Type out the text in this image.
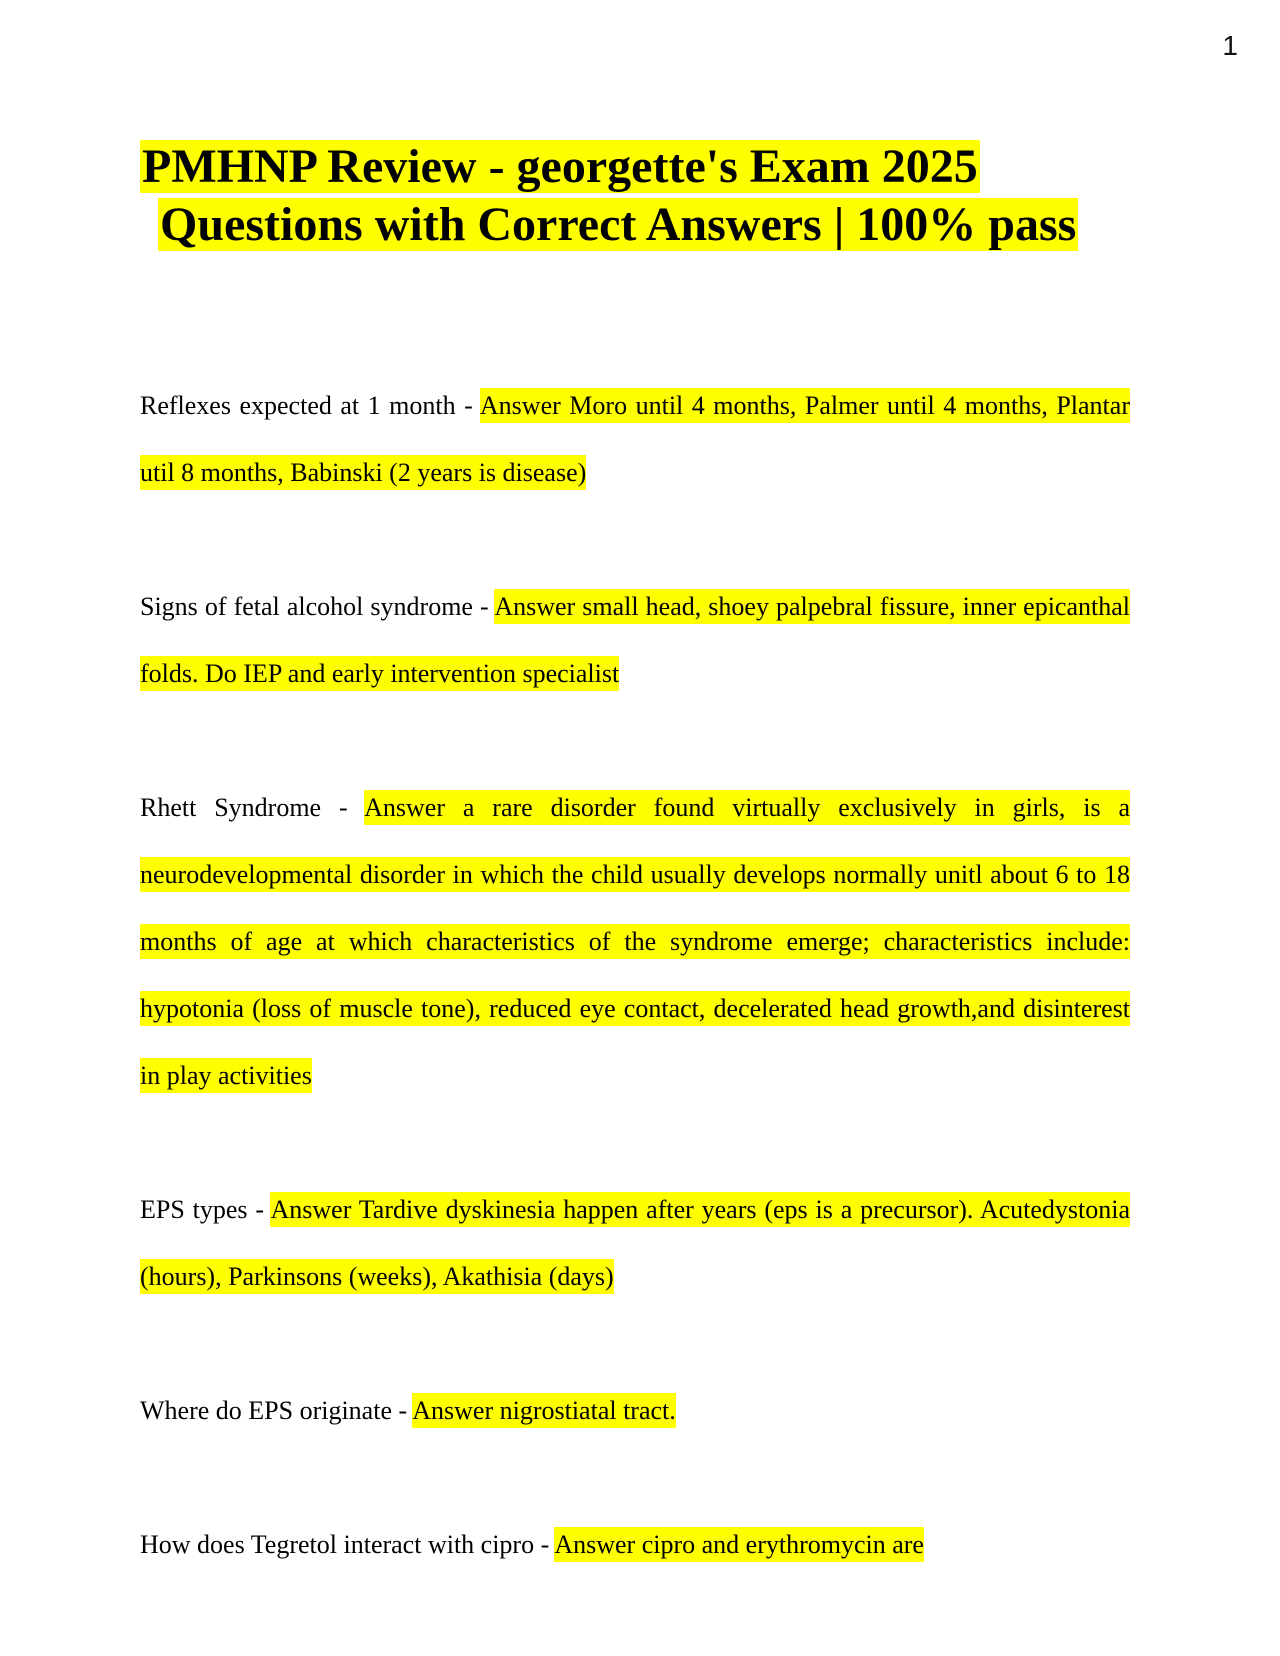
1
PMHNP Review - georgette's Exam 2025
Questions with Correct Answers | 100% pass

Reflexes expected at 1 month - Answer Moro until 4 months, Palmer until 4 months, Plantar util 8 months, Babinski (2 years is disease)

Signs of fetal alcohol syndrome - Answer small head, shoey palpebral fissure, inner epicanthal folds. Do IEP and early intervention specialist

Rhett Syndrome - Answer a rare disorder found virtually exclusively in girls, is a neurodevelopmental disorder in which the child usually develops normally unitl about 6 to 18 months of age at which characteristics of the syndrome emerge; characteristics include: hypotonia (loss of muscle tone), reduced eye contact, decelerated head growth,and disinterest in play activities

EPS types - Answer Tardive dyskinesia happen after years (eps is a precursor). Acutedystonia (hours), Parkinsons (weeks), Akathisia (days)

Where do EPS originate - Answer nigrostiatal tract.

How does Tegretol interact with cipro - Answer cipro and erythromycin are
